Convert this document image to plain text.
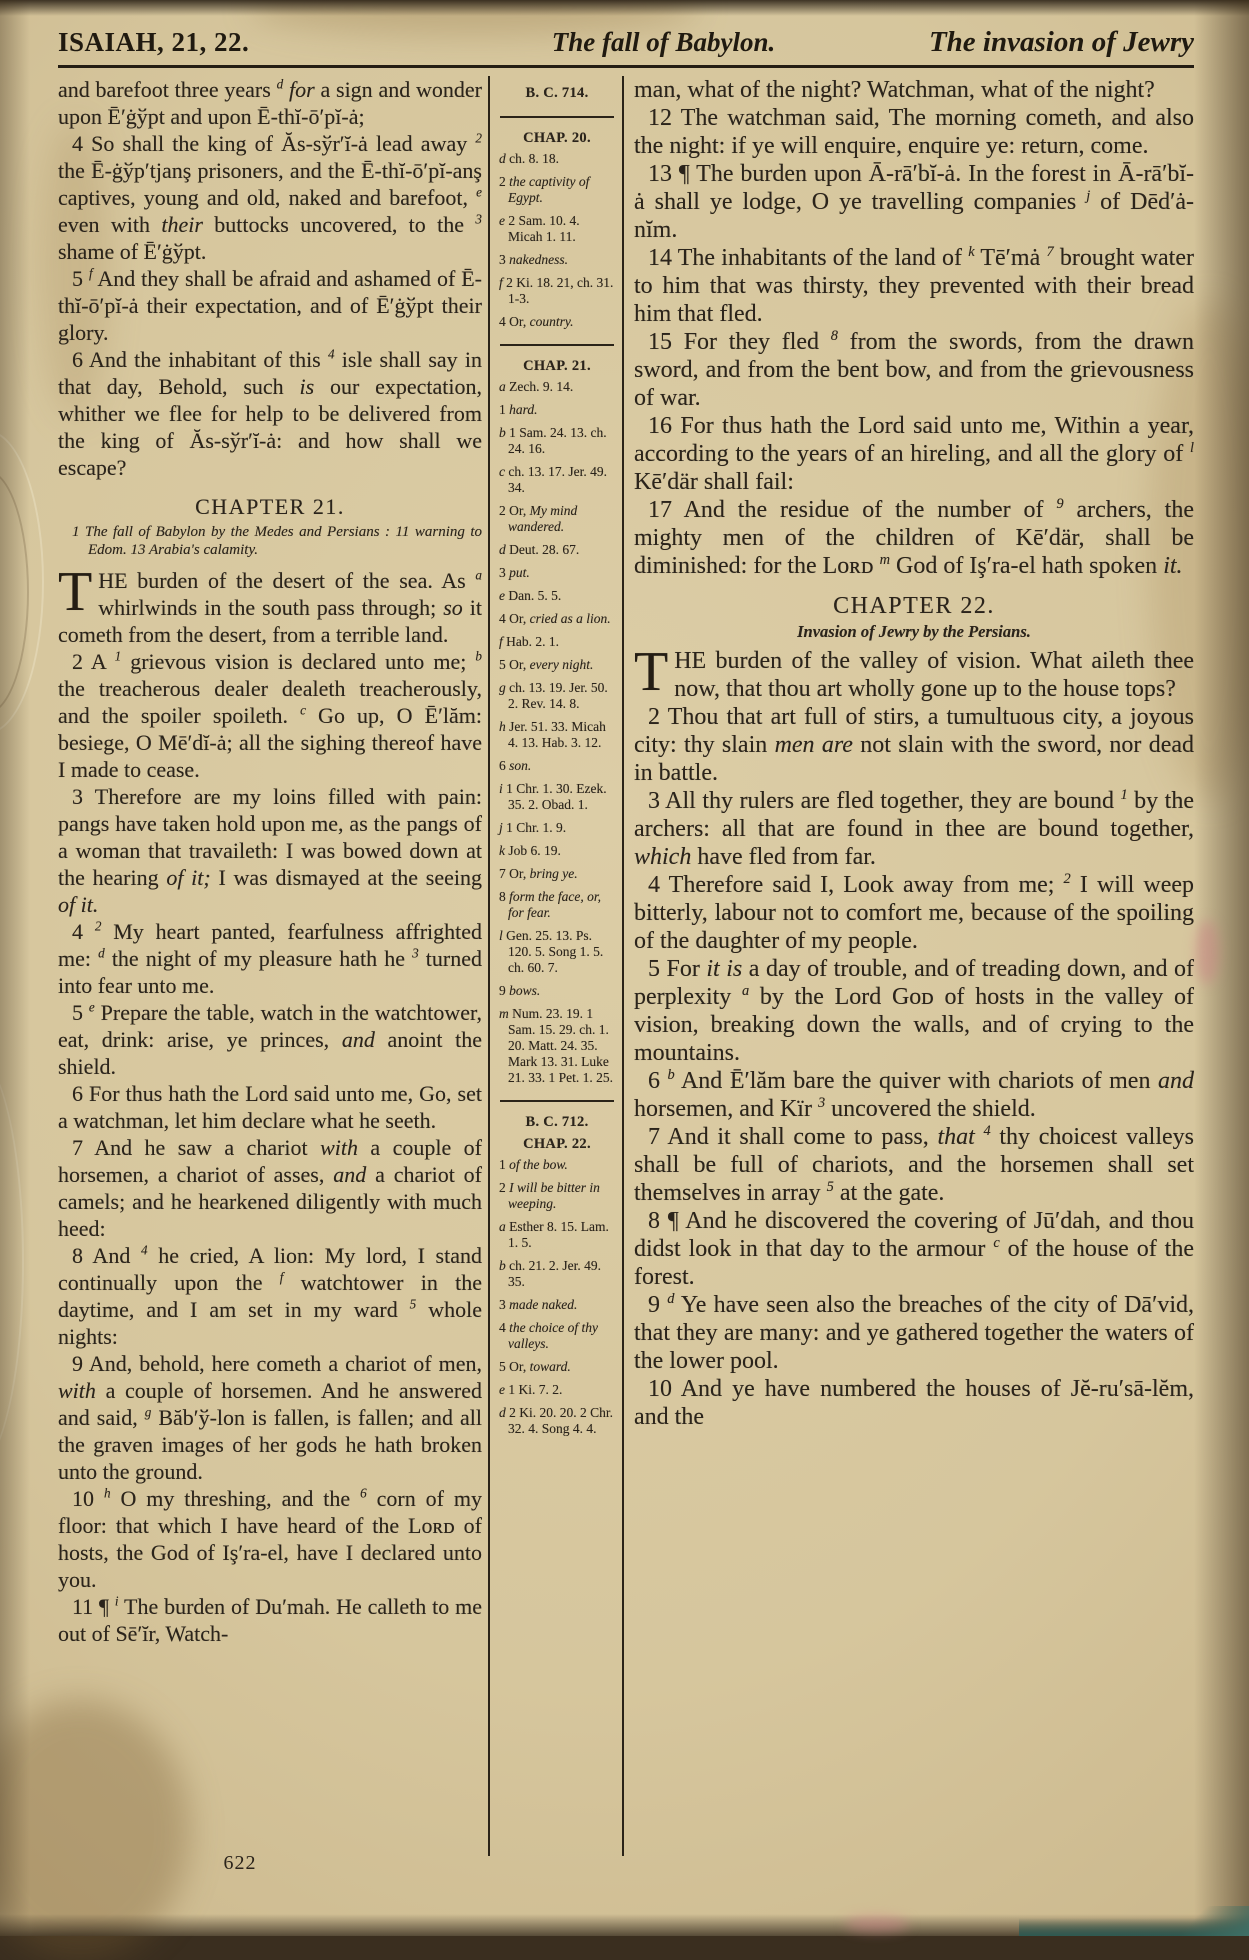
ISAIAH, 21, 22.	The fall of Babylon.	The invasion of Jewry

and barefoot three years $^d$ for a sign and wonder upon Ē′ġўpt and upon Ē-thĭ-ō′pĭ-ȧ;

4 So shall the king of Ăs-sўr′ĭ-ȧ lead away $^2$ the Ē-ġўp′tjanş prisoners, and the Ē-thĭ-ō′pĭ-anş captives, young and old, naked and barefoot, $^e$ even with their buttocks uncovered, to the $^3$ shame of Ē′ġўpt.

5 $^f$ And they shall be afraid and ashamed of Ē-thĭ-ō′pĭ-ȧ their expectation, and of Ē′ġўpt their glory.

6 And the inhabitant of this $^4$ isle shall say in that day, Behold, such is our expectation, whither we flee for help to be delivered from the king of Ăs-sўr′ĭ-ȧ: and how shall we escape?

CHAPTER 21.

1 The fall of Babylon by the Medes and Persians : 11 warning to Edom. 13 Arabia's calamity.

THE burden of the desert of the sea. As $^a$ whirlwinds in the south pass through; so it cometh from the desert, from a terrible land.

2 A $^1$ grievous vision is declared unto me; $^b$ the treacherous dealer dealeth treacherously, and the spoiler spoileth. $^c$ Go up, O Ē′lăm: besiege, O Mē′dĭ-ȧ; all the sighing thereof have I made to cease.

3 Therefore are my loins filled with pain: pangs have taken hold upon me, as the pangs of a woman that travaileth: I was bowed down at the hearing of it; I was dismayed at the seeing of it.

4 $^2$ My heart panted, fearfulness affrighted me: $^d$ the night of my pleasure hath he $^3$ turned into fear unto me.

5 $^e$ Prepare the table, watch in the watchtower, eat, drink: arise, ye princes, and anoint the shield.

6 For thus hath the Lord said unto me, Go, set a watchman, let him declare what he seeth.

7 And he saw a chariot with a couple of horsemen, a chariot of asses, and a chariot of camels; and he hearkened diligently with much heed:

8 And $^4$ he cried, A lion: My lord, I stand continually upon the $^f$ watchtower in the daytime, and I am set in my ward $^5$ whole nights:

9 And, behold, here cometh a chariot of men, with a couple of horsemen. And he answered and said, $^g$ Băb′ў-lon is fallen, is fallen; and all the graven images of her gods he hath broken unto the ground.

10 $^h$ O my threshing, and the $^6$ corn of my floor: that which I have heard of the Lᴏʀᴅ of hosts, the God of Iş′ra-el, have I declared unto you.

11 ¶ $^i$ The burden of Du′mah. He calleth to me out of Sē′ĭr, Watch-

B. C. 714.
CHAP. 20.
d ch. 8. 18.
2 the captivity of Egypt.
e 2 Sam. 10. 4. Micah 1. 11.
3 nakedness.
f 2 Ki. 18. 21, ch. 31. 1-3.
4 Or, country.
CHAP. 21.
a Zech. 9. 14.
1 hard.
b 1 Sam. 24. 13. ch. 24. 16.
c ch. 13. 17. Jer. 49. 34.
2 Or, My mind wandered.
d Deut. 28. 67.
3 put.
e Dan. 5. 5.
4 Or, cried as a lion.
f Hab. 2. 1.
5 Or, every night.
g ch. 13. 19. Jer. 50. 2. Rev. 14. 8.
h Jer. 51. 33. Micah 4. 13. Hab. 3. 12.
6 son.
i 1 Chr. 1. 30. Ezek. 35. 2. Obad. 1.
j 1 Chr. 1. 9.
k Job 6. 19.
7 Or, bring ye.
8 form the face, or, for fear.
l Gen. 25. 13. Ps. 120. 5. Song 1. 5. ch. 60. 7.
9 bows.
m Num. 23. 19. 1 Sam. 15. 29. ch. 1. 20. Matt. 24. 35. Mark 13. 31. Luke 21. 33. 1 Pet. 1. 25.
B. C. 712.
CHAP. 22.
1 of the bow.
2 I will be bitter in weeping.
a Esther 8. 15. Lam. 1. 5.
b ch. 21. 2. Jer. 49. 35.
3 made naked.
4 the choice of thy valleys.
5 Or, toward.
e 1 Ki. 7. 2.
d 2 Ki. 20. 20. 2 Chr. 32. 4. Song 4. 4.

man, what of the night? Watchman, what of the night?

12 The watchman said, The morning cometh, and also the night: if ye will enquire, enquire ye: return, come.

13 ¶ The burden upon Ā-rā′bĭ-ȧ. In the forest in Ā-rā′bĭ-ȧ shall ye lodge, O ye travelling companies $^j$ of Dēd′ȧ-nĭm.

14 The inhabitants of the land of $^k$ Tē′mȧ $^7$ brought water to him that was thirsty, they prevented with their bread him that fled.

15 For they fled $^8$ from the swords, from the drawn sword, and from the bent bow, and from the grievousness of war.

16 For thus hath the Lord said unto me, Within a year, according to the years of an hireling, and all the glory of $^l$ Kē′där shall fail:

17 And the residue of the number of $^9$ archers, the mighty men of the children of Kē′där, shall be diminished: for the Lᴏʀᴅ $^m$ God of Iş′ra-el hath spoken it.

CHAPTER 22.

Invasion of Jewry by the Persians.

THE burden of the valley of vision. What aileth thee now, that thou art wholly gone up to the house tops?

2 Thou that art full of stirs, a tumultuous city, a joyous city: thy slain men are not slain with the sword, nor dead in battle.

3 All thy rulers are fled together, they are bound $^1$ by the archers: all that are found in thee are bound together, which have fled from far.

4 Therefore said I, Look away from me; $^2$ I will weep bitterly, labour not to comfort me, because of the spoiling of the daughter of my people.

5 For it is a day of trouble, and of treading down, and of perplexity $^a$ by the Lord Gᴏᴅ of hosts in the valley of vision, breaking down the walls, and of crying to the mountains.

6 $^b$ And Ē′lăm bare the quiver with chariots of men and horsemen, and Kïr $^3$ uncovered the shield.

7 And it shall come to pass, that $^4$ thy choicest valleys shall be full of chariots, and the horsemen shall set themselves in array $^5$ at the gate.

8 ¶ And he discovered the covering of Jū′dah, and thou didst look in that day to the armour $^c$ of the house of the forest.

9 $^d$ Ye have seen also the breaches of the city of Dā′vid, that they are many: and ye gathered together the waters of the lower pool.

10 And ye have numbered the houses of Jĕ-ru′sā-lĕm, and the

622
